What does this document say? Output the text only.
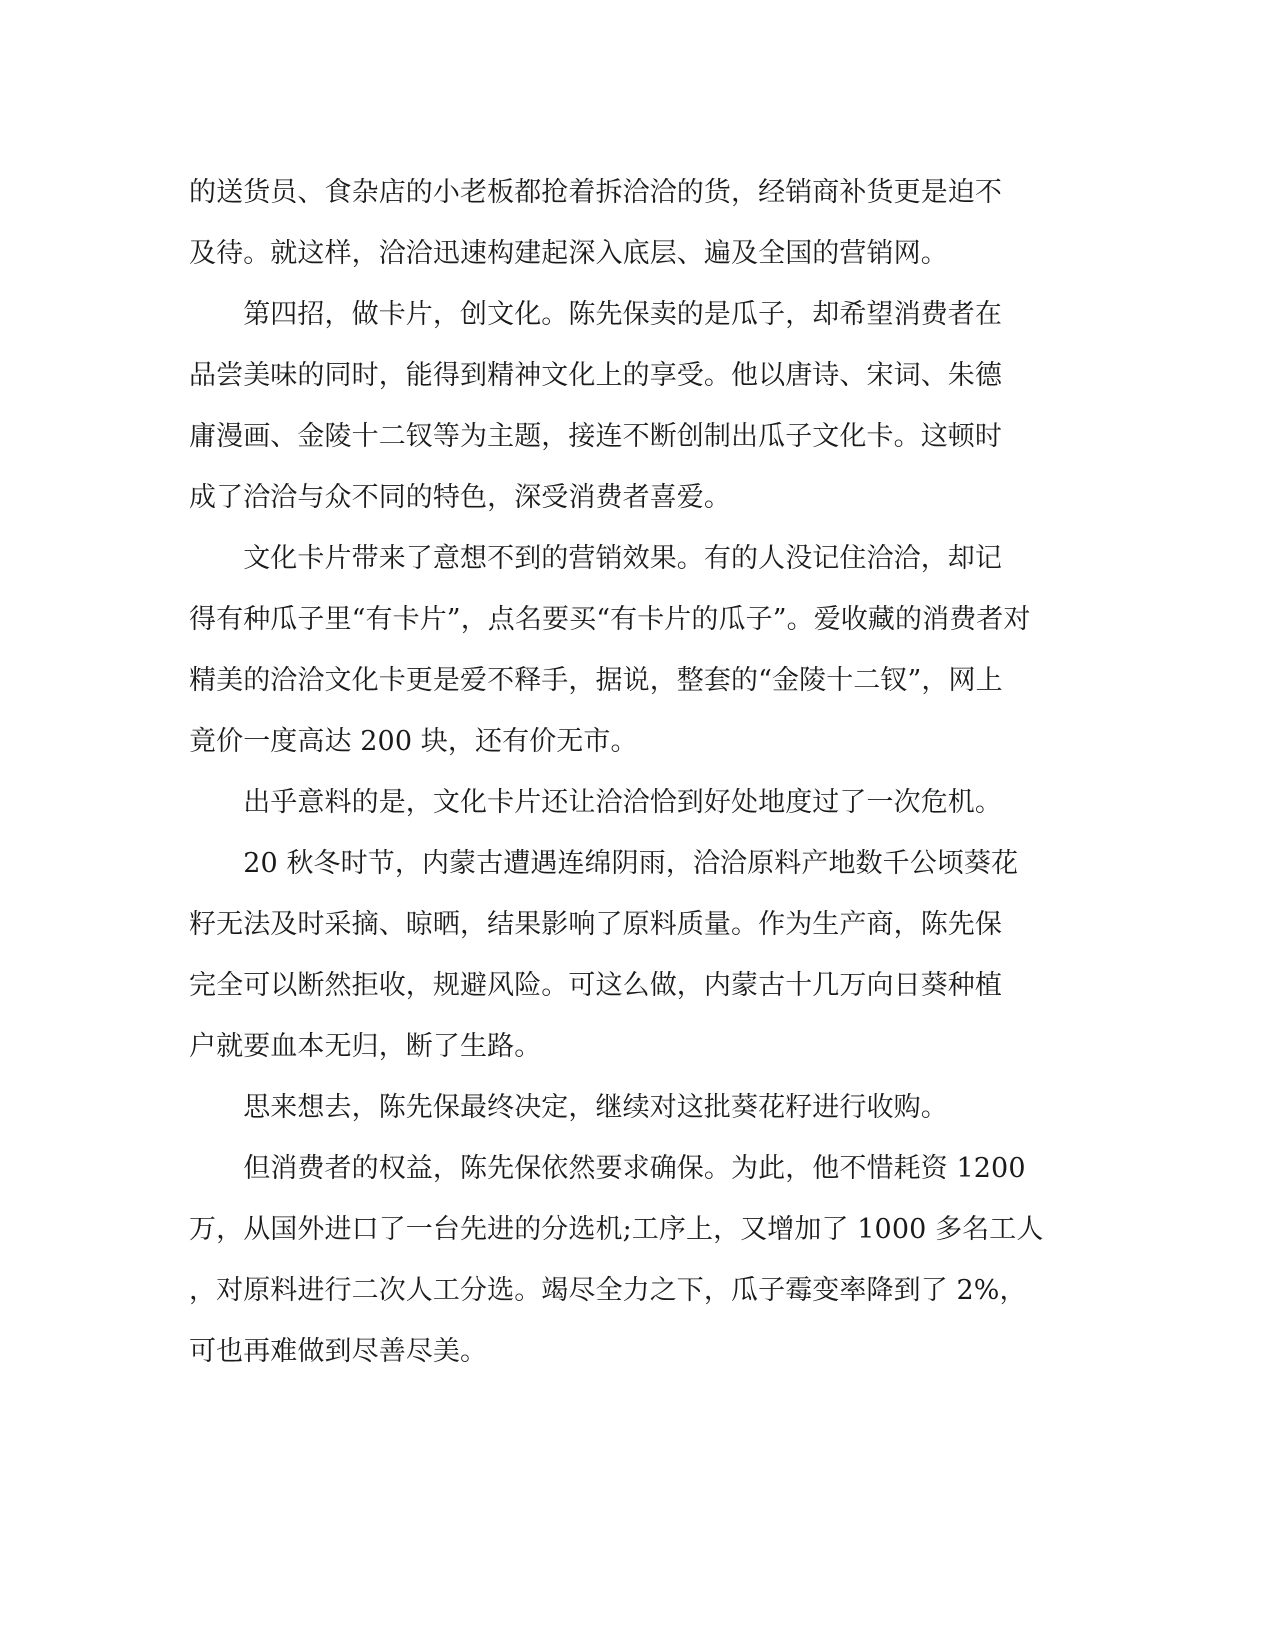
的送货员、食杂店的小老板都抢着拆洽洽的货，经销商补货更是迫不
及待。就这样，洽洽迅速构建起深入底层、遍及全国的营销网。
　　第四招，做卡片，创文化。陈先保卖的是瓜子，却希望消费者在
品尝美味的同时，能得到精神文化上的享受。他以唐诗、宋词、朱德
庸漫画、金陵十二钗等为主题，接连不断创制出瓜子文化卡。这顿时
成了洽洽与众不同的特色，深受消费者喜爱。
　　文化卡片带来了意想不到的营销效果。有的人没记住洽洽，却记
得有种瓜子里“有卡片”，点名要买“有卡片的瓜子”。爱收藏的消费者对
精美的洽洽文化卡更是爱不释手，据说，整套的“金陵十二钗”，网上
竟价一度高达 200 块，还有价无市。
　　出乎意料的是，文化卡片还让洽洽恰到好处地度过了一次危机。
　　20 秋冬时节，内蒙古遭遇连绵阴雨，洽洽原料产地数千公顷葵花
籽无法及时采摘、晾晒，结果影响了原料质量。作为生产商，陈先保
完全可以断然拒收，规避风险。可这么做，内蒙古十几万向日葵种植
户就要血本无归，断了生路。
　　思来想去，陈先保最终决定，继续对这批葵花籽进行收购。
　　但消费者的权益，陈先保依然要求确保。为此，他不惜耗资 1200
万，从国外进口了一台先进的分选机;工序上，又增加了 1000 多名工人
，对原料进行二次人工分选。竭尽全力之下，瓜子霉变率降到了 2%，
可也再难做到尽善尽美。
